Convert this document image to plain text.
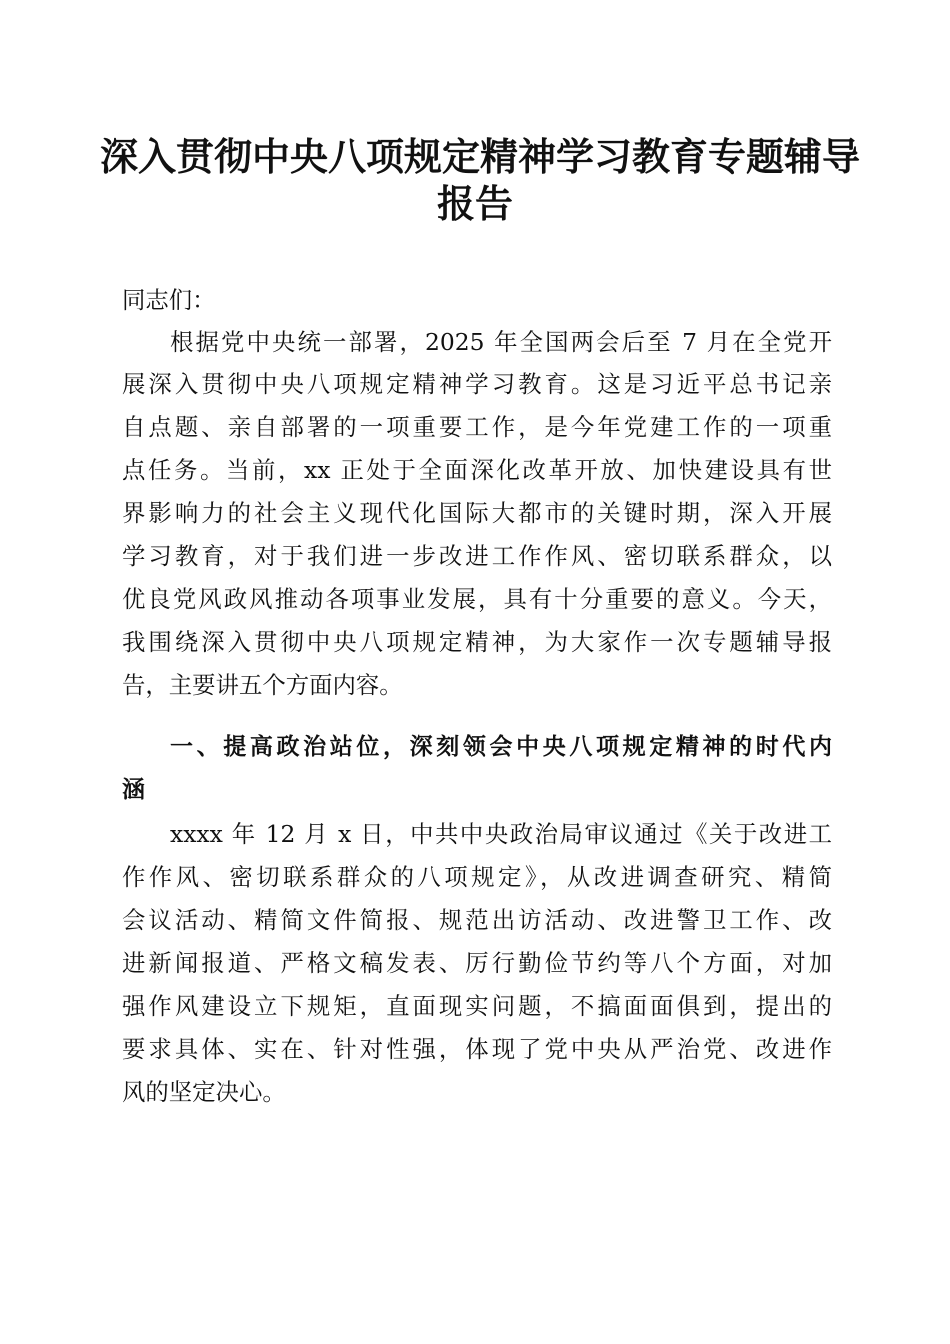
深入贯彻中央八项规定精神学习教育专题辅导
报告
同志们：
根据党中央统一部署，2025 年全国两会后至 7 月在全党开
展深入贯彻中央八项规定精神学习教育。这是习近平总书记亲
自点题、亲自部署的一项重要工作，是今年党建工作的一项重
点任务。当前，xx 正处于全面深化改革开放、加快建设具有世
界影响力的社会主义现代化国际大都市的关键时期，深入开展
学习教育，对于我们进一步改进工作作风、密切联系群众，以
优良党风政风推动各项事业发展，具有十分重要的意义。今天，
我围绕深入贯彻中央八项规定精神，为大家作一次专题辅导报
告，主要讲五个方面内容。
一、提高政治站位，深刻领会中央八项规定精神的时代内
涵
xxxx 年 12 月 x 日，中共中央政治局审议通过《关于改进工
作作风、密切联系群众的八项规定》，从改进调查研究、精简
会议活动、精简文件简报、规范出访活动、改进警卫工作、改
进新闻报道、严格文稿发表、厉行勤俭节约等八个方面，对加
强作风建设立下规矩，直面现实问题，不搞面面俱到，提出的
要求具体、实在、针对性强，体现了党中央从严治党、改进作
风的坚定决心。
